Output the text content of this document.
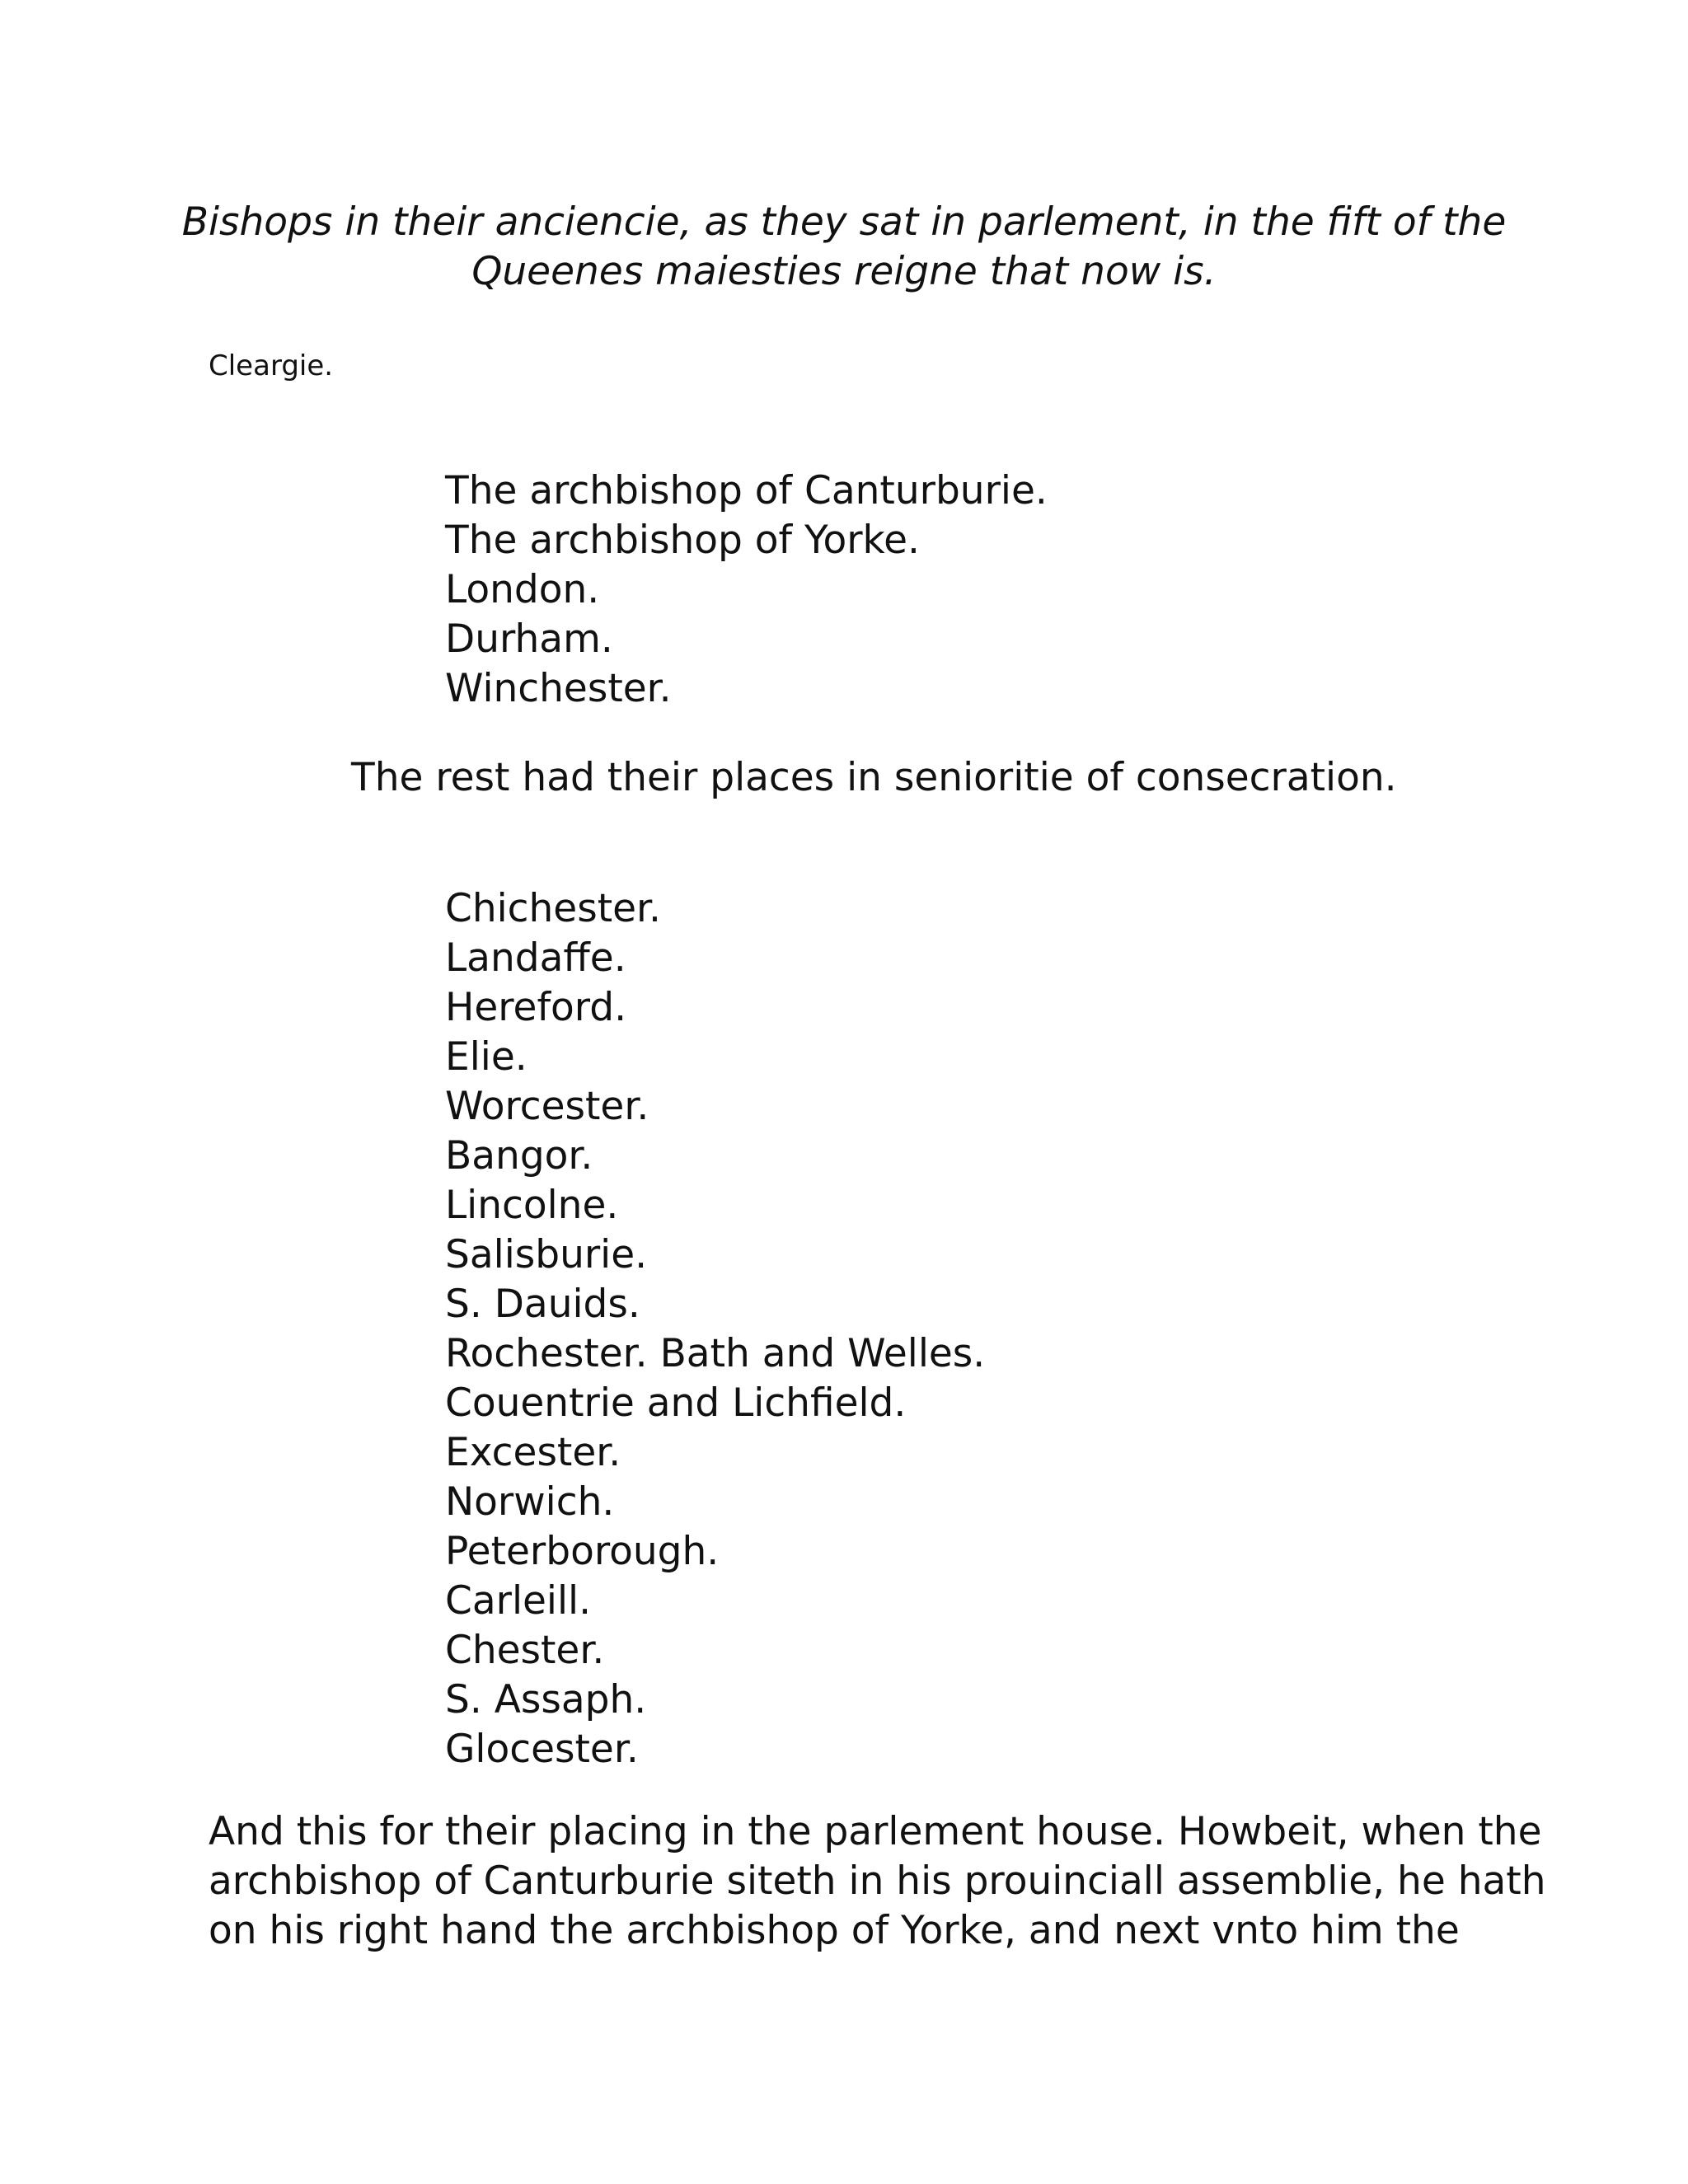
Bishops in their anciencie, as they sat in parlement, in the fift of the
Queenes maiesties reigne that now is.
Cleargie.
The archbishop of Canturburie.
The archbishop of Yorke.
London.
Durham.
Winchester.
The rest had their places in senioritie of consecration.
Chichester.
Landaffe.
Hereford.
Elie.
Worcester.
Bangor.
Lincolne.
Salisburie.
S. Dauids.
Rochester. Bath and Welles.
Couentrie and Lichfield.
Excester.
Norwich.
Peterborough.
Carleill.
Chester.
S. Assaph.
Glocester.
And this for their placing in the parlement house. Howbeit, when the
archbishop of Canturburie siteth in his prouinciall assemblie, he hath
on his right hand the archbishop of Yorke, and next vnto him the
